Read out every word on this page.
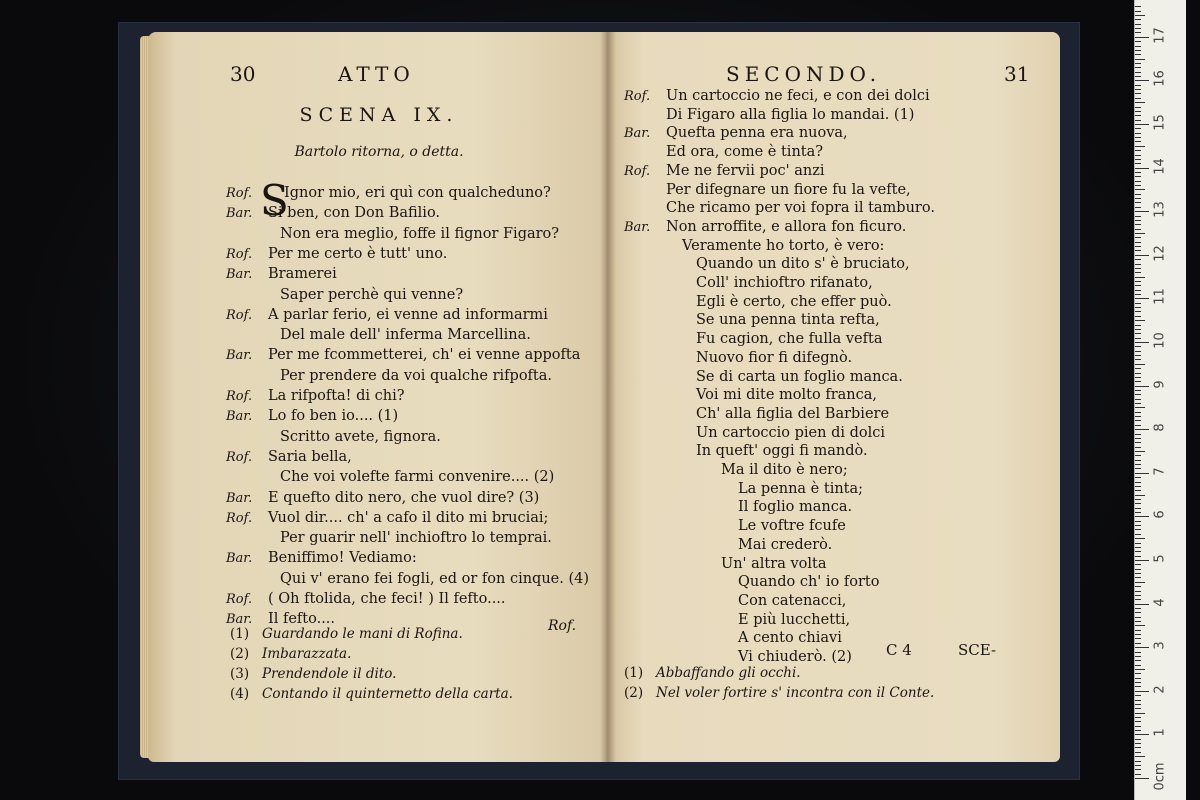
30	ATTO
SCENA IX.
Bartolo ritorna, o detta.
S
Rof. Ignor mio, eri quì con qualcheduno?
Bar. Si ben, con Don Bafilio.
Non era meglio, foffe il fignor Figaro?
Rof. Per me certo è tutt' uno.
Bar. Bramerei
Saper perchè qui venne?
Rof. A parlar ferio, ei venne ad informarmi
Del male dell' inferma Marcellina.
Bar. Per me fcommetterei, ch' ei venne appofta
Per prendere da voi qualche rifpofta.
Rof. La rifpofta! di chi?
Bar. Lo fo ben io.... (1)
Scritto avete, fignora.
Rof. Saria bella,
Che voi volefte farmi convenire.... (2)
Bar. E quefto dito nero, che vuol dire? (3)
Rof. Vuol dir.... ch' a cafo il dito mi bruciai;
Per guarir nell' inchioftro lo temprai.
Bar. Beniffimo! Vediamo:
Qui v' erano fei fogli, ed or fon cinque. (4)
Rof. ( Oh ftolida, che feci! ) Il fefto....
Bar. Il fefto....	Rof.
(1) Guardando le mani di Rofina.
(2) Imbarazzata.
(3) Prendendole il dito.
(4) Contando il quinternetto della carta.
SECONDO.	31
Rof. Un cartoccio ne feci, e con dei dolci
Di Figaro alla figlia lo mandai. (1)
Bar. Quefta penna era nuova,
Ed ora, come è tinta?
Rof. Me ne fervii poc' anzi
Per difegnare un fiore fu la vefte,
Che ricamo per voi fopra il tamburo.
Bar. Non arroffite, e allora fon ficuro.
Veramente ho torto, è vero:
Quando un dito s' è bruciato,
Coll' inchioftro rifanato,
Egli è certo, che effer può.
Se una penna tinta refta,
Fu cagion, che fulla vefta
Nuovo fior fi difegnò.
Se di carta un foglio manca.
Voi mi dite molto franca,
Ch' alla figlia del Barbiere
Un cartoccio pien di dolci
In queft' oggi fi mandò.
Ma il dito è nero;
La penna è tinta;
Il foglio manca.
Le voftre fcufe
Mai crederò.
Un' altra volta
Quando ch' io forto
Con catenacci,
E più lucchetti,
A cento chiavi
Vi chiuderò. (2) C 4	SCE-
(1) Abbaffando gli occhi.
(2) Nel voler fortire s' incontra con il Conte.
0cm
1
2
3
4
5
6
7
8
9
10
11
12
13
14
15
16
17
